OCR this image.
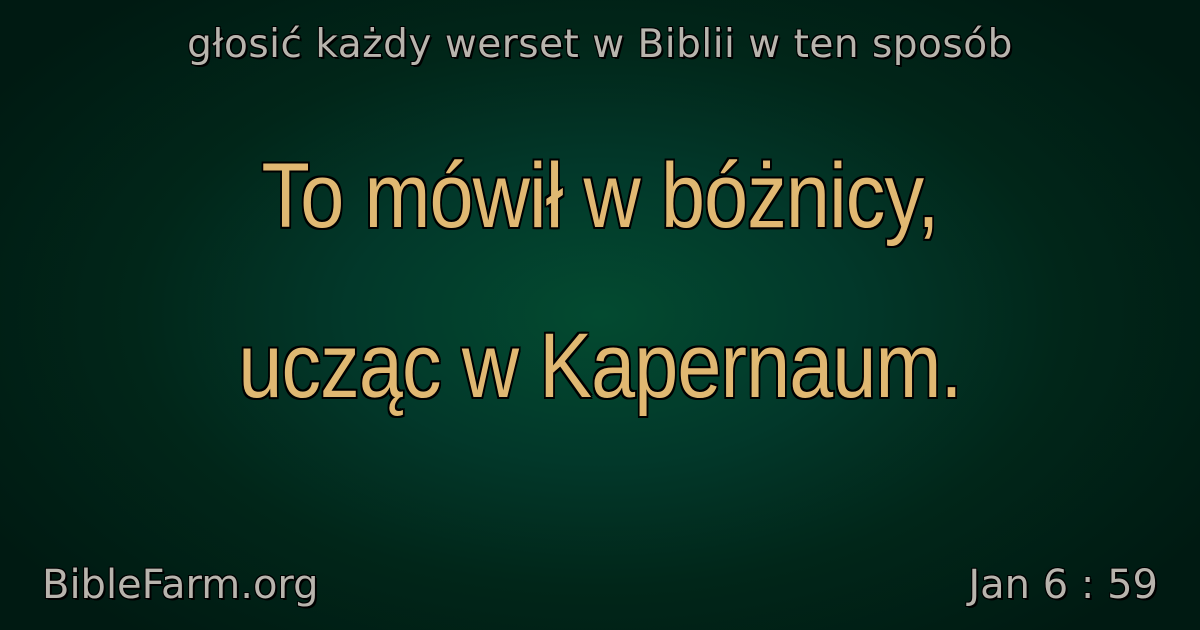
głosić każdy werset w Biblii w ten sposób
To mówił w bóżnicy,
ucząc w Kapernaum.
BibleFarm.org	Jan 6 : 59
